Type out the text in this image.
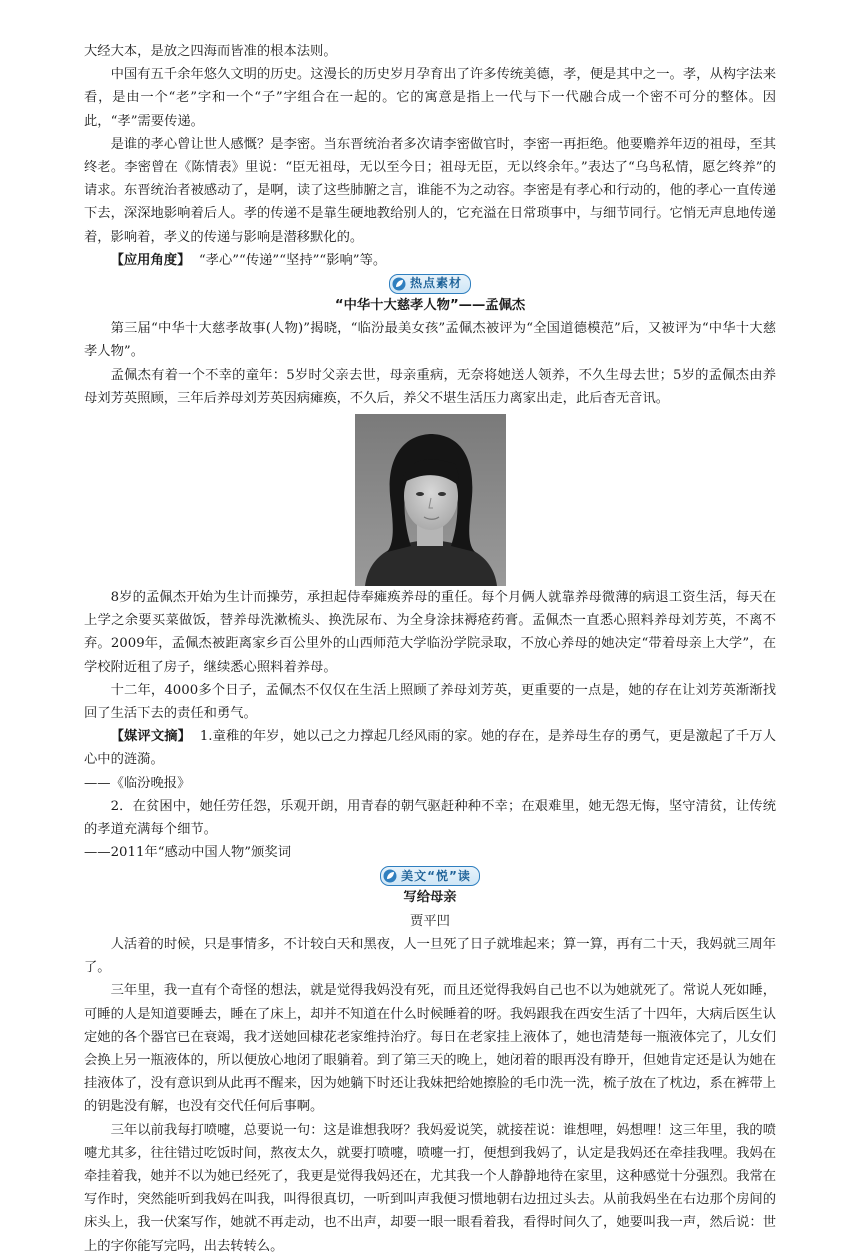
大经大本，是放之四海而皆准的根本法则。

中国有五千余年悠久文明的历史。这漫长的历史岁月孕育出了许多传统美德，孝，便是其中之一。孝，从构字法来看，是由一个“老”字和一个“子”字组合在一起的。它的寓意是指上一代与下一代融合成一个密不可分的整体。因此，“孝”需要传递。

是谁的孝心曾让世人感慨？是李密。当东晋统治者多次请李密做官时，李密一再拒绝。他要赡养年迈的祖母，至其终老。李密曾在《陈情表》里说：“臣无祖母，无以至今日；祖母无臣，无以终余年。”表达了“乌鸟私情，愿乞终养”的请求。东晋统治者被感动了，是啊，读了这些肺腑之言，谁能不为之动容。李密是有孝心和行动的，他的孝心一直传递下去，深深地影响着后人。孝的传递不是靠生硬地教给别人的，它充溢在日常琐事中，与细节同行。它悄无声息地传递着，影响着，孝义的传递与影响是潜移默化的。

【应用角度】 “孝心”“传递”“坚持”“影响”等。

热点素材

“中华十大慈孝人物”——孟佩杰

第三届“中华十大慈孝故事(人物)”揭晓，“临汾最美女孩”孟佩杰被评为“全国道德模范”后，又被评为“中华十大慈孝人物”。

孟佩杰有着一个不幸的童年：5岁时父亲去世，母亲重病，无奈将她送人领养，不久生母去世；5岁的孟佩杰由养母刘芳英照顾，三年后养母刘芳英因病瘫痪，不久后，养父不堪生活压力离家出走，此后杳无音讯。

8岁的孟佩杰开始为生计而操劳，承担起侍奉瘫痪养母的重任。每个月俩人就靠养母微薄的病退工资生活，每天在上学之余要买菜做饭，替养母洗漱梳头、换洗尿布、为全身涂抹褥疮药膏。孟佩杰一直悉心照料养母刘芳英，不离不弃。2009年，孟佩杰被距离家乡百公里外的山西师范大学临汾学院录取，不放心养母的她决定“带着母亲上大学”，在学校附近租了房子，继续悉心照料着养母。

十二年，4000多个日子，孟佩杰不仅仅在生活上照顾了养母刘芳英，更重要的一点是，她的存在让刘芳英渐渐找回了生活下去的责任和勇气。

【媒评文摘】 1.童稚的年岁，她以己之力撑起几经风雨的家。她的存在，是养母生存的勇气，更是激起了千万人心中的涟漪。

——《临汾晚报》

2．在贫困中，她任劳任怨，乐观开朗，用青春的朝气驱赶种种不幸；在艰难里，她无怨无悔，坚守清贫，让传统的孝道充满每个细节。

——2011年“感动中国人物”颁奖词

美文“悦”读

写给母亲

贾平凹

人活着的时候，只是事情多，不计较白天和黑夜，人一旦死了日子就堆起来；算一算，再有二十天，我妈就三周年了。

三年里，我一直有个奇怪的想法，就是觉得我妈没有死，而且还觉得我妈自己也不以为她就死了。常说人死如睡，可睡的人是知道要睡去，睡在了床上，却并不知道在什么时候睡着的呀。我妈跟我在西安生活了十四年，大病后医生认定她的各个器官已在衰竭，我才送她回棣花老家维持治疗。每日在老家挂上液体了，她也清楚每一瓶液体完了，儿女们会换上另一瓶液体的，所以便放心地闭了眼躺着。到了第三天的晚上，她闭着的眼再没有睁开，但她肯定还是认为她在挂液体了，没有意识到从此再不醒来，因为她躺下时还让我妹把给她擦脸的毛巾洗一洗，梳子放在了枕边，系在裤带上的钥匙没有解，也没有交代任何后事啊。

三年以前我每打喷嚏，总要说一句：这是谁想我呀？我妈爱说笑，就接茬说：谁想哩，妈想哩！这三年里，我的喷嚏尤其多，往往错过吃饭时间，熬夜太久，就要打喷嚏，喷嚏一打，便想到我妈了，认定是我妈还在牵挂我哩。我妈在牵挂着我，她并不以为她已经死了，我更是觉得我妈还在，尤其我一个人静静地待在家里，这种感觉十分强烈。我常在写作时，突然能听到我妈在叫我，叫得很真切，一听到叫声我便习惯地朝右边扭过头去。从前我妈坐在右边那个房间的床头上，我一伏案写作，她就不再走动，也不出声，却要一眼一眼看着我，看得时间久了，她要叫我一声，然后说：世上的字你能写完吗，出去转转么。
